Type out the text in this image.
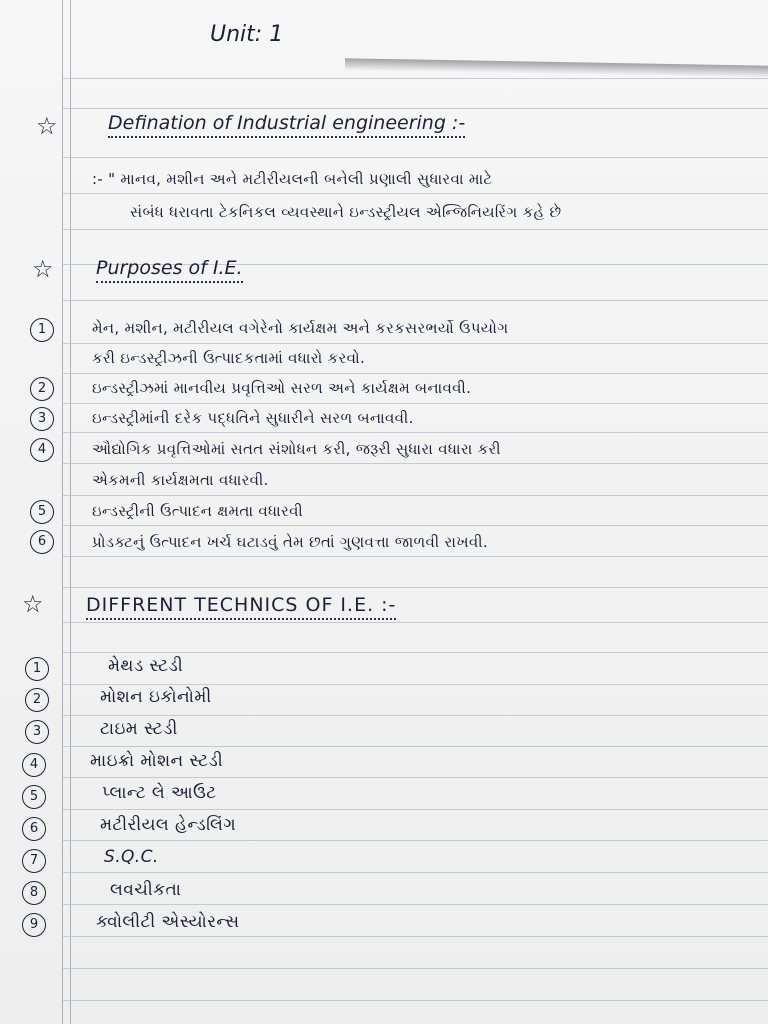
Unit: 1
☆	Defination of Industrial engineering :-
:- " માનવ, મશીન અને મટીરીયલની બનેલી પ્રણાલી સુધારવા માટે
સંબંધ ધરાવતા ટેકનિકલ વ્યવસ્થાને ઇન્ડસ્ટ્રીયલ એન્જિનિયરિંગ કહે છે
☆ Purposes of I.E.
1	મેન, મશીન, મટીરીયલ વગેરેનો કાર્યક્ષમ અને કરકસરભર્યો ઉપયોગ
કરી ઇન્ડસ્ટ્રીઝની ઉત્પાદકતામાં વધારો કરવો.
2	ઇન્ડસ્ટ્રીઝમાં માનવીય પ્રવૃત્તિઓ સરળ અને કાર્યક્ષમ બનાવવી.
3	ઇન્ડસ્ટ્રીમાંની દરેક પદ્ધતિને સુધારીને સરળ બનાવવી.
4	ઔદ્યોગિક પ્રવૃત્તિઓમાં સતત સંશોધન કરી, જરૂરી સુધારા વધારા કરી
એકમની કાર્યક્ષમતા વધારવી.
5	ઇન્ડસ્ટ્રીની ઉત્પાદન ક્ષમતા વધારવી
6	પ્રોડક્ટનું ઉત્પાદન ખર્ચ ઘટાડવું તેમ છતાં ગુણવત્તા જાળવી રાખવી.
☆ DIFFRENT TECHNICS OF I.E. :-
1	મેથડ સ્ટડી
2	મોશન ઇકોનોમી
3	ટાઇમ સ્ટડી
4	માઇક્રો મોશન સ્ટડી
5	પ્લાન્ટ લે આઉટ
6	મટીરીયલ હેન્ડલિંગ
7	S.Q.C.
8	લવચીકતા
9	ક્વોલીટી એસ્યોરન્સ
